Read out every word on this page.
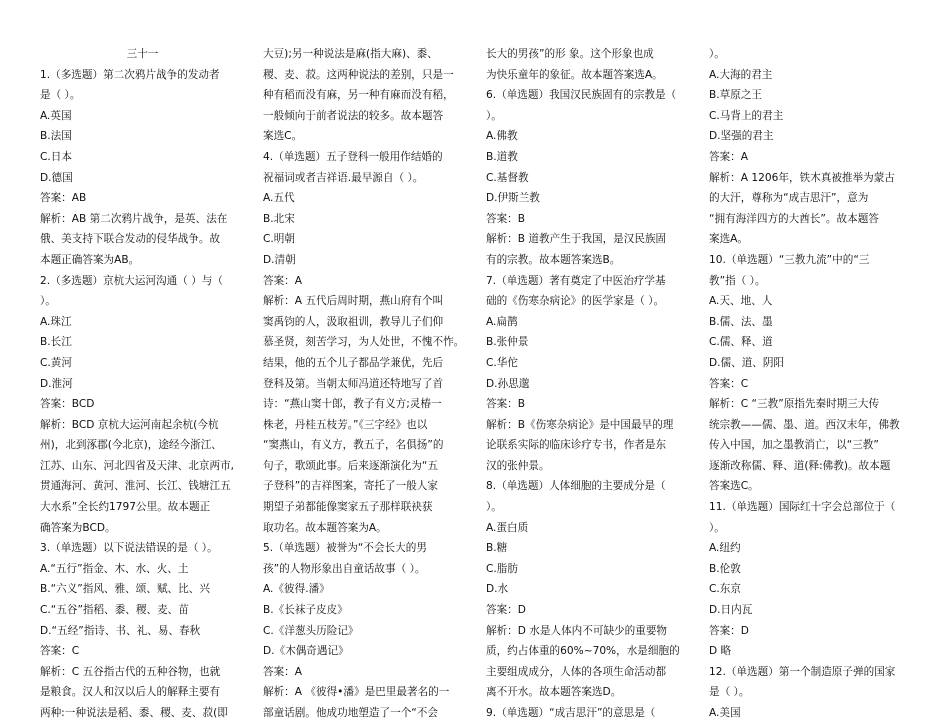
三十一
1.（多选题）第二次鸦片战争的发动者
是（ ）。
A.英国
B.法国
C.日本
D.德国
答案：AB
解析：AB 第二次鸦片战争，是英、法在
俄、美支持下联合发动的侵华战争。故
本题正确答案为AB。
2.（多选题）京杭大运河沟通（ ）与（
）。
A.珠江
B.长江
C.黄河
D.淮河
答案：BCD
解析：BCD 京杭大运河南起余杭(今杭
州)，北到涿郡(今北京)，途经今浙江、
江苏、山东、河北四省及天津、北京两市,
贯通海河、黄河、淮河、长江、钱塘江五
大水系”全长约1797公里。故本题正
确答案为BCD。
3.（单选题）以下说法错误的是（ ）。
A.“五行”指金、木、水、火、土
B.“六义”指风、雅、颂、赋、比、兴
C.“五谷”指稻、黍、稷、麦、苗
D.“五经”指诗、书、礼、易、春秋
答案：C
解析：C 五谷指古代的五种谷物，也就
是粮食。汉人和汉以后人的解释主要有
两种:一种说法是稻、黍、稷、麦、菽(即
大豆);另一种说法是麻(指大麻)、黍、
稷、麦、菽。这两种说法的差别，只是一
种有稻而没有麻，另一种有麻而没有稻，
一般倾向于前者说法的较多。故本题答
案选C。
4.（单选题）五子登科一般用作结婚的
祝福词或者吉祥语.最早源自（ ）。
A.五代
B.北宋
C.明朝
D.清朝
答案：A
解析：A 五代后周时期，燕山府有个叫
窦禹钧的人，汲取祖训，教导儿子们仰
慕圣贤，刻苦学习，为人处世，不愧不怍。
结果，他的五个儿子都品学兼优，先后
登科及第。当朝太师冯道还特地写了首
诗：“燕山窦十郎，教子有义方;灵椿一
株老，丹桂五枝芳。”《三字经》也以
“窦燕山，有义方，教五子，名俱扬”的
句子，歌颂此事。后来逐渐演化为“五
子登科”的吉祥图案，寄托了一般人家
期望子弟都能像窦家五子那样联袂获
取功名。故本题答案为A。
5.（单选题）被誉为“不会长大的男
孩”的人物形象出自童话故事（ ）。
A.《彼得.潘》
B.《长袜子皮皮》
C.《洋葱头历险记》
D.《木偶奇遇记》
答案：A
解析：A 《彼得•潘》是巴里最著名的一
部童话剧。他成功地塑造了一个“不会
长大的男孩”的形 象。这个形象也成
为快乐童年的象征。故本题答案选A。
6.（单选题）我国汉民族固有的宗教是（
）。
A.佛教
B.道教
C.基督教
D.伊斯兰教
答案：B
解析：B 道教产生于我国，是汉民族固
有的宗教。故本题答案选B。
7.（单选题）著有奠定了中医治疗学基
础的《伤寒杂病论》的医学家是（ ）。
A.扁鹊
B.张仲景
C.华佗
D.孙思邈
答案：B
解析：B《伤寒杂病论》是中国最早的理
论联系实际的临床诊疗专书，作者是东
汉的张仲景。
8.（单选题）人体细胞的主要成分是（
）。
A.蛋白质
B.糖
C.脂肪
D.水
答案：D
解析：D 水是人体内不可缺少的重要物
质，约占体重的60%~70%，水是细胞的
主要组成成分，人体的各项生命活动都
离不开水。故本题答案选D。
9.（单选题）“成吉思汗”的意思是（
）。
A.大海的君主
B.草原之王
C.马背上的君主
D.坚强的君主
答案：A
解析：A 1206年，铁木真被推举为蒙古
的大汗，尊称为“成吉思汗”，意为
“拥有海洋四方的大酋长”。故本题答
案选A。
10.（单选题）“三教九流”中的“三
教”指（ ）。
A.天、地、人
B.儒、法、墨
C.儒、释、道
D.儒、道、阴阳
答案：C
解析：C “三教”原指先秦时期三大传
统宗教——儒、墨、道。西汉末年，佛教
传入中国，加之墨教消亡，以“三教”
逐渐改称儒、释、道(释:佛教)。故本题
答案选C。
11.（单选题）国际红十字会总部位于（
）。
A.纽约
B.伦敦
C.东京
D.日内瓦
答案：D
D 略
12.（单选题）第一个制造原子弹的国家
是（ ）。
A.美国
